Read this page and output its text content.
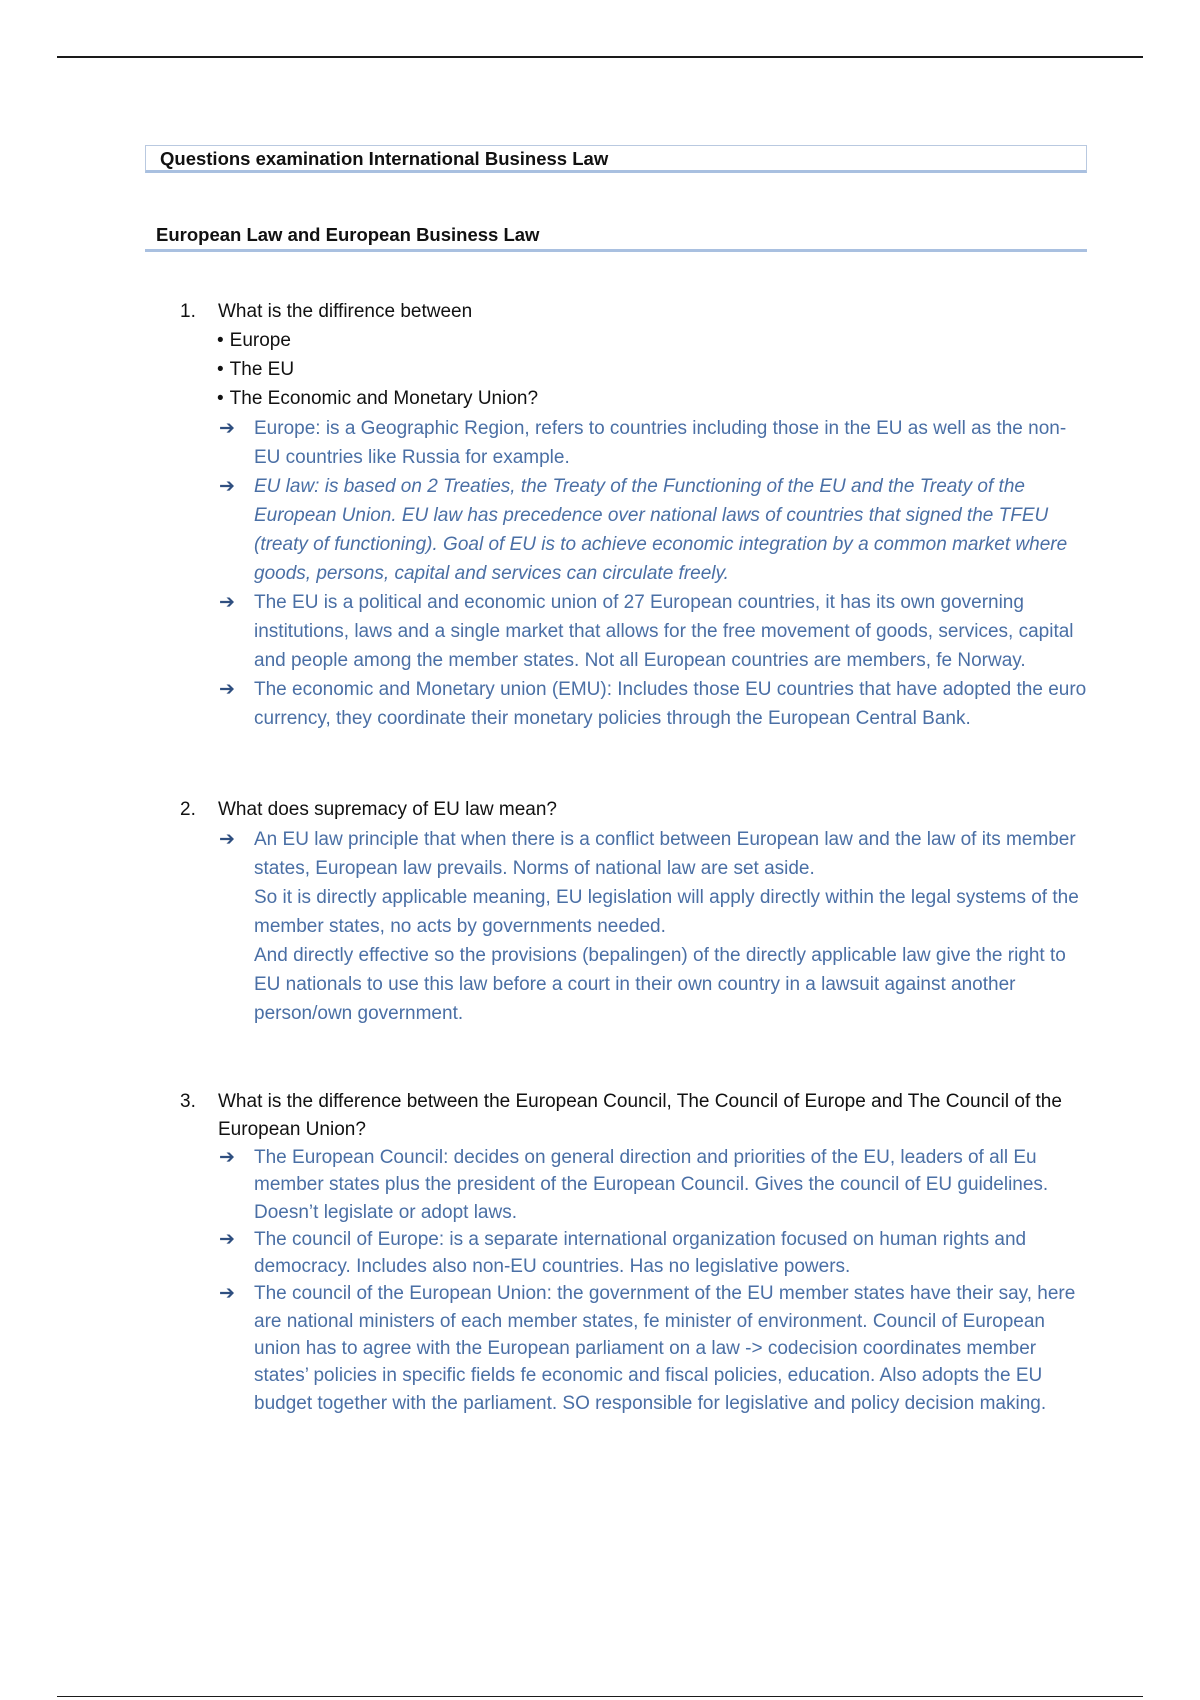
Questions examination International Business Law
European Law and European Business Law
1.	What is the diffirence between
• Europe
• The EU
• The Economic and Monetary Union?
➔ Europe: is a Geographic Region, refers to countries including those in the EU as well as the non-EU countries like Russia for example.
➔ EU law: is based on 2 Treaties, the Treaty of the Functioning of the EU and the Treaty of the European Union. EU law has precedence over national laws of countries that signed the TFEU (treaty of functioning). Goal of EU is to achieve economic integration by a common market where goods, persons, capital and services can circulate freely.
➔ The EU is a political and economic union of 27 European countries, it has its own governing institutions, laws and a single market that allows for the free movement of goods, services, capital and people among the member states. Not all European countries are members, fe Norway.
➔ The economic and Monetary union (EMU): Includes those EU countries that have adopted the euro currency, they coordinate their monetary policies through the European Central Bank.
2.	What does supremacy of EU law mean?
➔ An EU law principle that when there is a conflict between European law and the law of its member states, European law prevails. Norms of national law are set aside.
So it is directly applicable meaning, EU legislation will apply directly within the legal systems of the member states, no acts by governments needed.
And directly effective so the provisions (bepalingen) of the directly applicable law give the right to EU nationals to use this law before a court in their own country in a lawsuit against another person/own government.
3.	What is the difference between the European Council, The Council of Europe and The Council of the European Union?
➔ The European Council: decides on general direction and priorities of the EU, leaders of all Eu member states plus the president of the European Council. Gives the council of EU guidelines. Doesn’t legislate or adopt laws.
➔ The council of Europe: is a separate international organization focused on human rights and democracy. Includes also non-EU countries. Has no legislative powers.
➔ The council of the European Union: the government of the EU member states have their say, here are national ministers of each member states, fe minister of environment. Council of European union has to agree with the European parliament on a law -> codecision coordinates member states’ policies in specific fields fe economic and fiscal policies, education. Also adopts the EU budget together with the parliament. SO responsible for legislative and policy decision making.
